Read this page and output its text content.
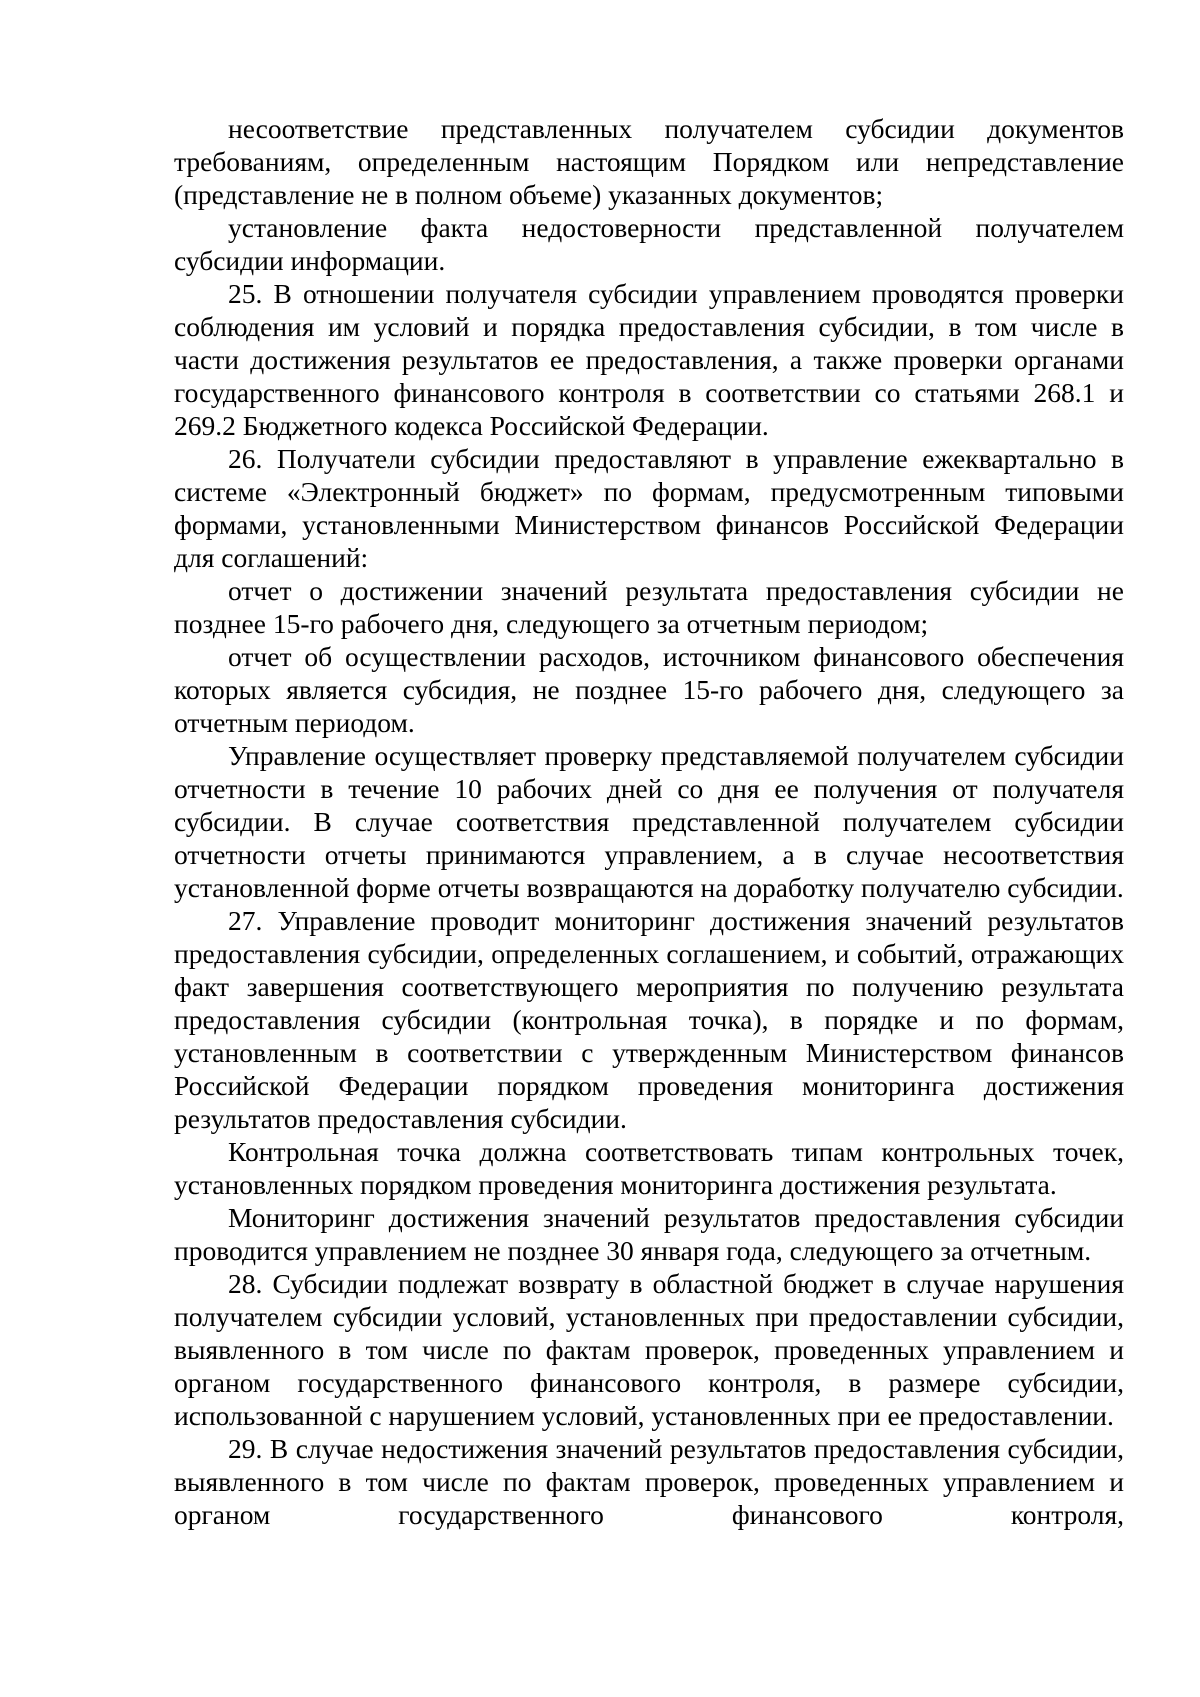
несоответствие представленных получателем субсидии документов требованиям, определенным настоящим Порядком или непредставление (представление не в полном объеме) указанных документов;

установление факта недостоверности представленной получателем субсидии информации.

25. В отношении получателя субсидии управлением проводятся проверки соблюдения им условий и порядка предоставления субсидии, в том числе в части достижения результатов ее предоставления, а также проверки органами государственного финансового контроля в соответствии со статьями 268.1 и 269.2 Бюджетного кодекса Российской Федерации.

26. Получатели субсидии предоставляют в управление ежеквартально в системе «Электронный бюджет» по формам, предусмотренным типовыми формами, установленными Министерством финансов Российской Федерации для соглашений:

отчет о достижении значений результата предоставления субсидии не позднее 15-го рабочего дня, следующего за отчетным периодом;

отчет об осуществлении расходов, источником финансового обеспечения которых является субсидия, не позднее 15-го рабочего дня, следующего за отчетным периодом.

Управление осуществляет проверку представляемой получателем субсидии отчетности в течение 10 рабочих дней со дня ее получения от получателя субсидии. В случае соответствия представленной получателем субсидии отчетности отчеты принимаются управлением, а в случае несоответствия установленной форме отчеты возвращаются на доработку получателю субсидии.

27. Управление проводит мониторинг достижения значений результатов предоставления субсидии, определенных соглашением, и событий, отражающих факт завершения соответствующего мероприятия по получению результата предоставления субсидии (контрольная точка), в порядке и по формам, установленным в соответствии с утвержденным Министерством финансов Российской Федерации порядком проведения мониторинга достижения результатов предоставления субсидии.

Контрольная точка должна соответствовать типам контрольных точек, установленных порядком проведения мониторинга достижения результата.

Мониторинг достижения значений результатов предоставления субсидии проводится управлением не позднее 30 января года, следующего за отчетным.

28. Субсидии подлежат возврату в областной бюджет в случае нарушения получателем субсидии условий, установленных при предоставлении субсидии, выявленного в том числе по фактам проверок, проведенных управлением и органом государственного финансового контроля, в размере субсидии, использованной с нарушением условий, установленных при ее предоставлении.

29. В случае недостижения значений результатов предоставления субсидии, выявленного в том числе по фактам проверок, проведенных управлением и органом государственного финансового контроля,
